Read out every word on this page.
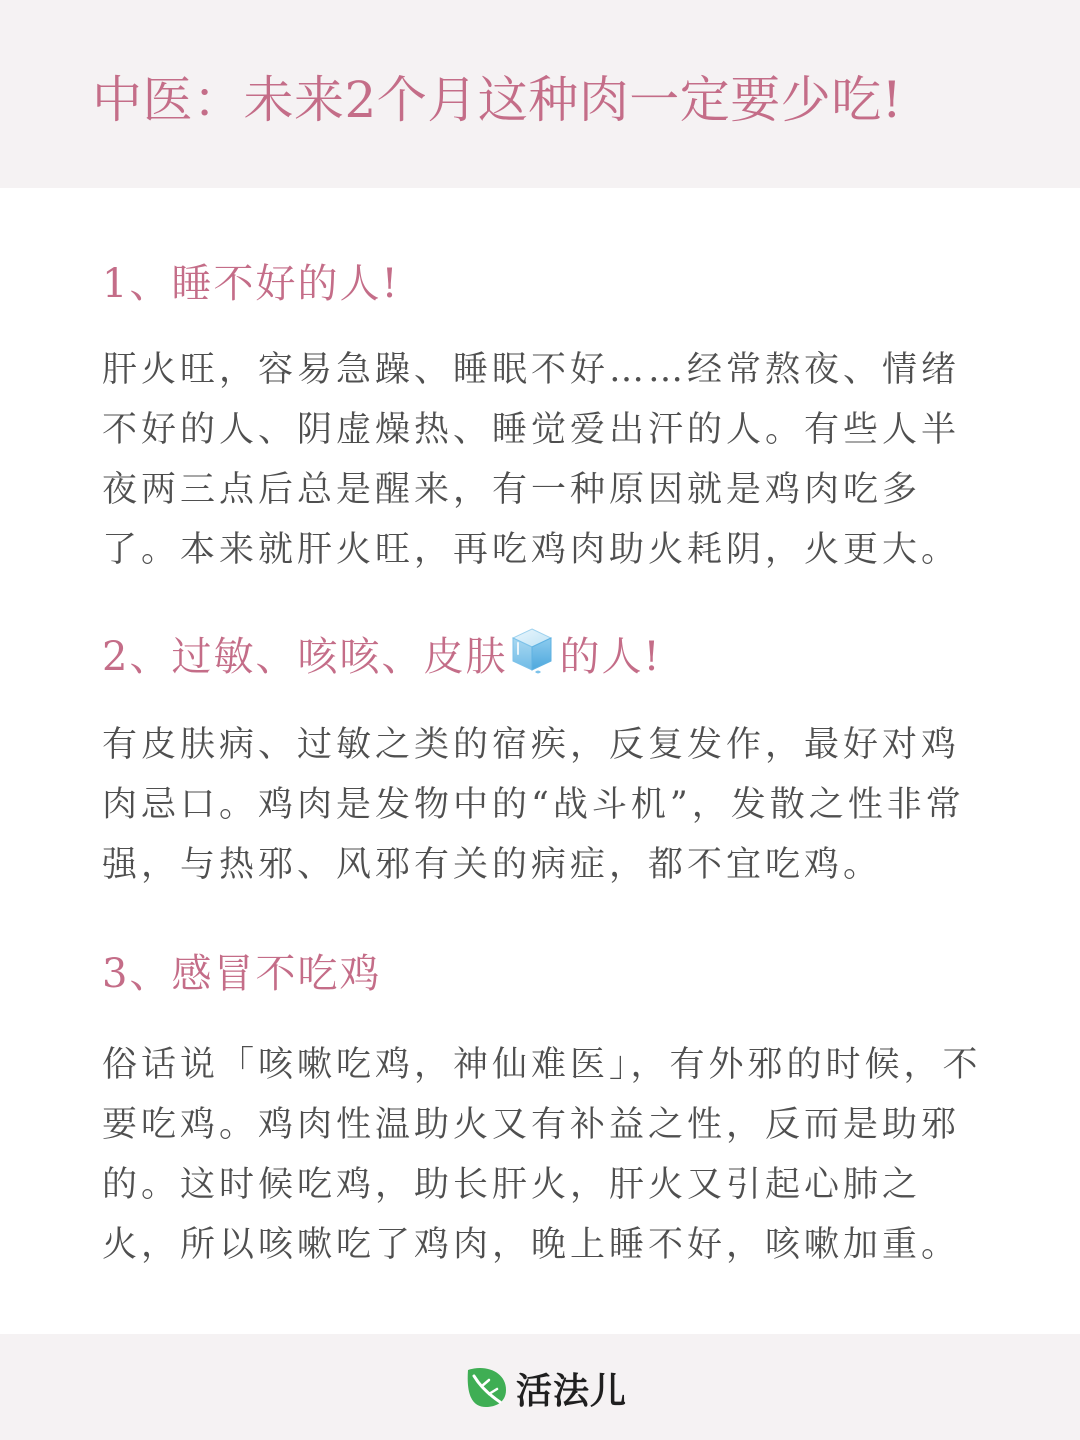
中医：未来2个月这种肉一定要少吃!
1、睡不好的人!

肝火旺，容易急躁、睡眠不好……经常熬夜、情绪不好的人、阴虚燥热、睡觉爱出汗的人。有些人半夜两三点后总是醒来，有一种原因就是鸡肉吃多了。本来就肝火旺，再吃鸡肉助火耗阴，火更大。

2、过敏、咳咳、皮肤 的人!

有皮肤病、过敏之类的宿疾，反复发作，最好对鸡肉忌口。鸡肉是发物中的“战斗机”，发散之性非常强，与热邪、风邪有关的病症，都不宜吃鸡。

3、感冒不吃鸡

俗话说「咳嗽吃鸡，神仙难医」，有外邪的时候，不要吃鸡。鸡肉性温助火又有补益之性，反而是助邪的。这时候吃鸡，助长肝火，肝火又引起心肺之火，所以咳嗽吃了鸡肉，晚上睡不好，咳嗽加重。

活法儿
